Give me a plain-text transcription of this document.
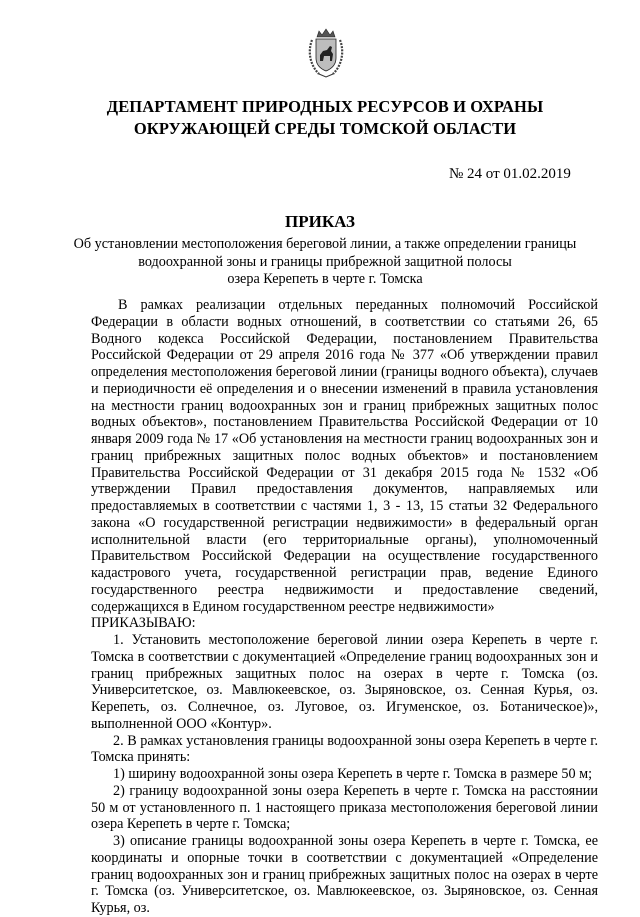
ДЕПАРТАМЕНТ ПРИРОДНЫХ РЕСУРСОВ И ОХРАНЫ
ОКРУЖАЮЩЕЙ СРЕДЫ ТОМСКОЙ ОБЛАСТИ
№ 24 от 01.02.2019
ПРИКАЗ
Об установлении местоположения береговой линии, а также определении границы
водоохранной зоны и границы прибрежной защитной полосы
озера Керепеть в черте г. Томска

В рамках реализации отдельных переданных полномочий Российской Федерации в области водных отношений, в соответствии со статьями 26, 65 Водного кодекса Российской Федерации, постановлением Правительства Российской Федерации от 29 апреля 2016 года № 377 «Об утверждении правил определения местоположения береговой линии (границы водного объекта), случаев и периодичности её определения и о внесении изменений в правила установления на местности границ водоохранных зон и границ прибрежных защитных полос водных объектов», постановлением Правительства Российской Федерации от 10 января 2009 года № 17 «Об установления на местности границ водоохранных зон и границ прибрежных защитных полос водных объектов» и постановлением Правительства Российской Федерации от 31 декабря 2015 года № 1532 «Об утверждении Правил предоставления документов, направляемых или предоставляемых в соответствии с частями 1, 3 - 13, 15 статьи 32 Федерального закона «О государственной регистрации недвижимости» в федеральный орган исполнительной власти (его территориальные органы), уполномоченный Правительством Российской Федерации на осуществление государственного кадастрового учета, государственной регистрации прав, ведение Единого государственного реестра недвижимости и предоставление сведений, содержащихся в Едином государственном реестре недвижимости»

ПРИКАЗЫВАЮ:

1. Установить местоположение береговой линии озера Керепеть в черте г. Томска в соответствии с документацией «Определение границ водоохранных зон и границ прибрежных защитных полос на озерах в черте г. Томска (оз. Университетское, оз. Мавлюкеевское, оз. Зыряновское, оз. Сенная Курья, оз. Керепеть, оз. Солнечное, оз. Луговое, оз. Игуменское, оз. Ботаническое)», выполненной ООО «Контур».

2. В рамках установления границы водоохранной зоны озера Керепеть в черте г. Томска принять:

1) ширину водоохранной зоны озера Керепеть в черте г. Томска в размере 50 м;

2) границу водоохранной зоны озера Керепеть в черте г. Томска на расстоянии 50 м от установленного п. 1 настоящего приказа местоположения береговой линии озера Керепеть в черте г. Томска;

3) описание границы водоохранной зоны озера Керепеть в черте г. Томска, ее координаты и опорные точки в соответствии с документацией «Определение границ водоохранных зон и границ прибрежных защитных полос на озерах в черте г. Томска (оз. Университетское, оз. Мавлюкеевское, оз. Зыряновское, оз. Сенная Курья, оз.
